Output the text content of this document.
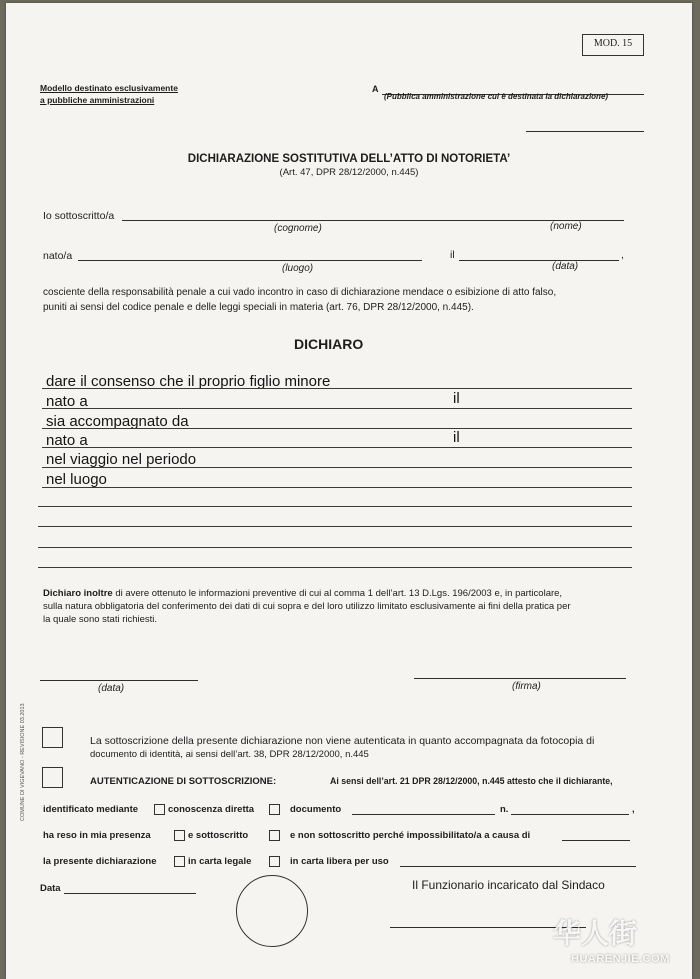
MOD. 15
Modello destinato esclusivamente
a pubbliche amministrazioni
A
(Pubblica amministrazione cui è destinata la dichiarazione)
DICHIARAZIONE SOSTITUTIVA DELL’ATTO DI NOTORIETA’
(Art. 47, DPR 28/12/2000, n.445)
Io sottoscritto/a
(cognome)	(nome)
nato/a	il	,
(luogo)	(data)
cosciente della responsabilità penale a cui vado incontro in caso di dichiarazione mendace o esibizione di atto falso,
puniti ai sensi del codice penale e delle leggi speciali in materia (art. 76, DPR 28/12/2000, n.445).
DICHIARO
dare il consenso che il proprio figlio minore
nato a	il
sia accompagnato da
nato a	il
nel viaggio nel periodo
nel luogo
Dichiaro inoltre di avere ottenuto le informazioni preventive di cui al comma 1 dell’art. 13 D.Lgs. 196/2003 e, in particolare,
sulla natura obbligatoria del conferimento dei dati di cui sopra e del loro utilizzo limitato esclusivamente ai fini della pratica per
la quale sono stati richiesti.
(data)	(firma)
La sottoscrizione della presente dichiarazione non viene autenticata in quanto accompagnata da fotocopia di
documento di identità, ai sensi dell’art. 38, DPR 28/12/2000, n.445
AUTENTICAZIONE DI SOTTOSCRIZIONE:	Ai sensi dell’art. 21 DPR 28/12/2000, n.445 attesto che il dichiarante,
identificato mediante	conoscenza diretta	documento	n.	,
ha reso in mia presenza	e sottoscritto	e non sottoscritto perché impossibilitato/a a causa di
la presente dichiarazione	in carta legale	in carta libera per uso
Data	Il Funzionario incaricato dal Sindaco
COMUNE DI VIGEVANO - REVISIONE 03.2013
华人街
HUARENJIE.COM
